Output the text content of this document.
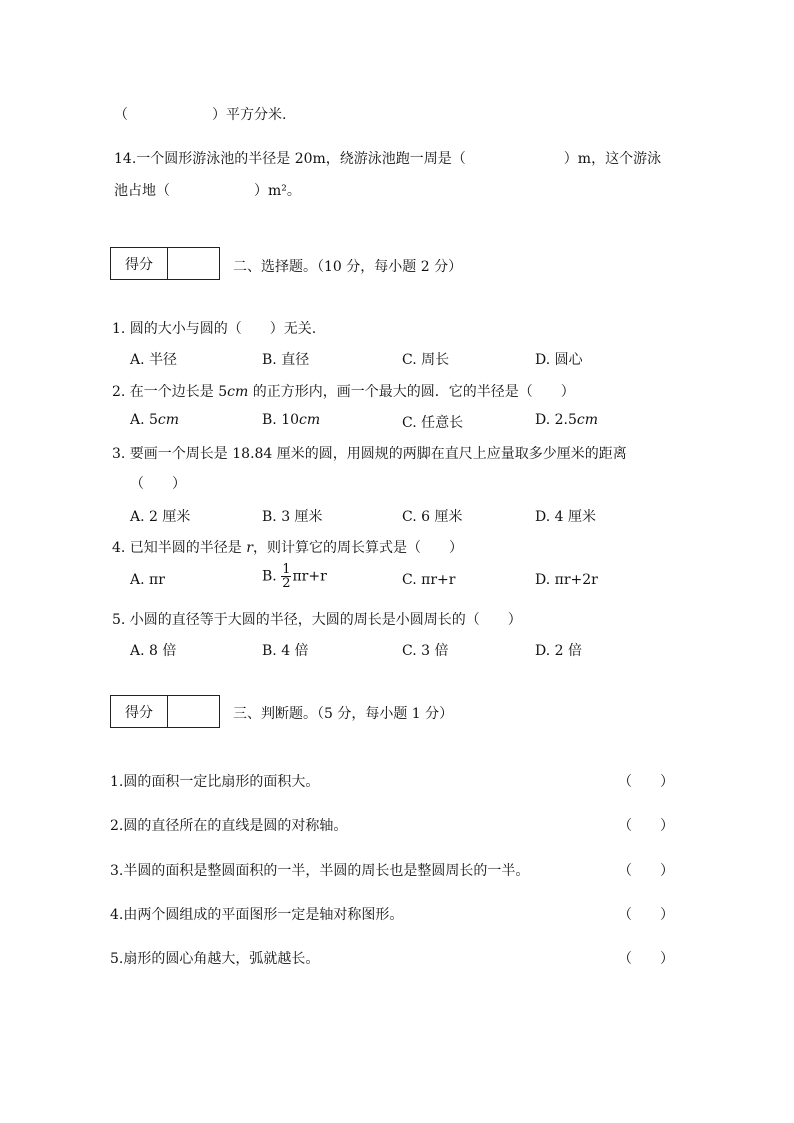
（　　　　　　）平方分米.
14.一个圆形游泳池的半径是 20m，绕游泳池跑一周是（　　　　　　　）m，这个游泳
池占地（　　　　　　）m²。
得分	二、选择题。（10 分，每小题 2 分）
1. 圆的大小与圆的（　　）无关.
A. 半径	B. 直径	C. 周长	D. 圆心
2. 在一个边长是 5𝑐𝑚 的正方形内，画一个最大的圆．它的半径是（　　）
A. 5𝑐𝑚	B. 10𝑐𝑚	C. 任意长	D. 2.5𝑐𝑚
3. 要画一个周长是 18.84 厘米的圆，用圆规的两脚在直尺上应量取多少厘米的距离
（　　）
A. 2 厘米	B. 3 厘米	C. 6 厘米	D. 4 厘米
4. 已知半圆的半径是 𝑟，则计算它的周长算式是（　　）
A. πr	B. $\frac{1}{2} \pi r+r$	C. πr+r	D. πr+2r
5. 小圆的直径等于大圆的半径，大圆的周长是小圆周长的（　　）
A. 8 倍	B. 4 倍	C. 3 倍	D. 2 倍
得分	三、判断题。（5 分，每小题 1 分）
1.圆的面积一定比扇形的面积大。	（　　）
2.圆的直径所在的直线是圆的对称轴。	（　　）
3.半圆的面积是整圆面积的一半，半圆的周长也是整圆周长的一半。	（　　）
4.由两个圆组成的平面图形一定是轴对称图形。	（　　）
5.扇形的圆心角越大，弧就越长。	（　　）
